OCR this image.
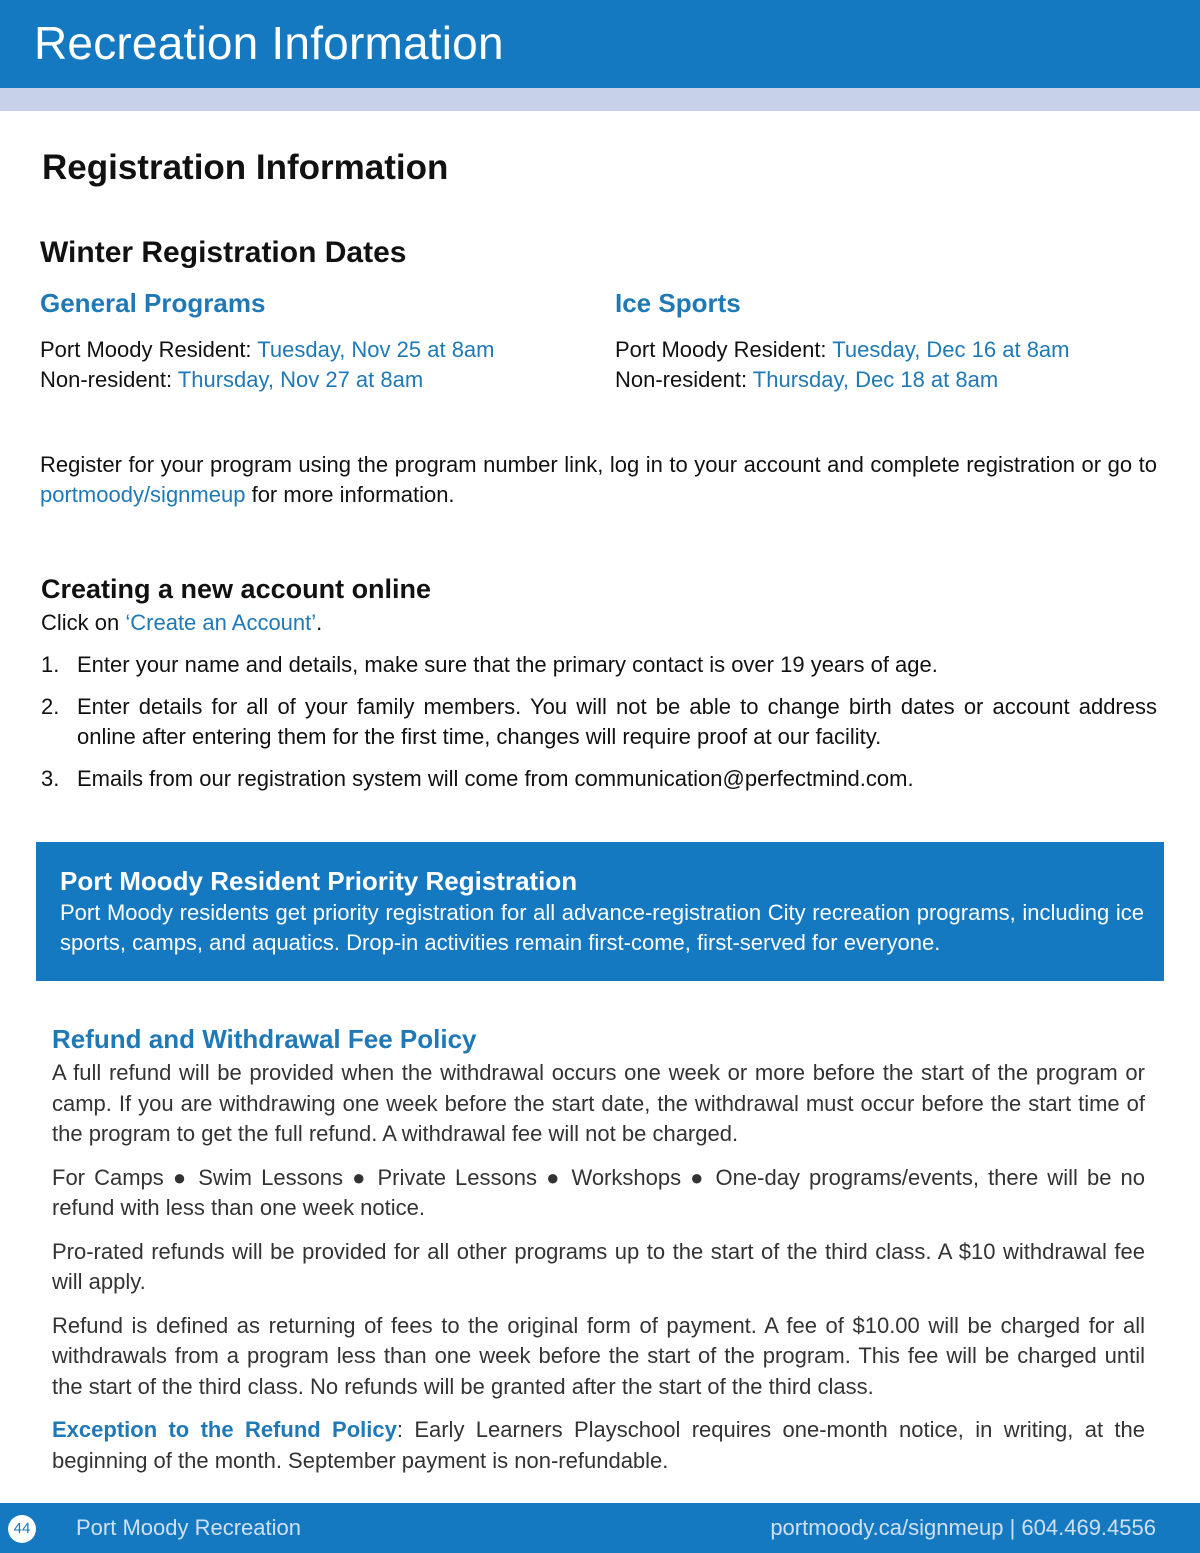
Recreation Information
Registration Information
Winter Registration Dates
General Programs
Port Moody Resident: Tuesday, Nov 25 at 8am
Non-resident: Thursday, Nov 27 at 8am
Ice Sports
Port Moody Resident: Tuesday, Dec 16 at 8am
Non-resident: Thursday, Dec 18 at 8am

Register for your program using the program number link, log in to your account and complete registration or go to portmoody/signmeup for more information.

Creating a new account online

Click on ‘Create an Account’.

1. Enter your name and details, make sure that the primary contact is over 19 years of age.
2. Enter details for all of your family members. You will not be able to change birth dates or account address online after entering them for the first time, changes will require proof at our facility.
3. Emails from our registration system will come from communication@perfectmind.com.
Port Moody Resident Priority Registration

Port Moody residents get priority registration for all advance-registration City recreation programs, including ice sports, camps, and aquatics. Drop-in activities remain first-come, first-served for everyone.

Refund and Withdrawal Fee Policy

A full refund will be provided when the withdrawal occurs one week or more before the start of the program or camp. If you are withdrawing one week before the start date, the withdrawal must occur before the start time of the program to get the full refund. A withdrawal fee will not be charged.

For Camps ● Swim Lessons ● Private Lessons ● Workshops ● One-day programs/events, there will be no refund with less than one week notice.

Pro-rated refunds will be provided for all other programs up to the start of the third class. A $10 withdrawal fee will apply.

Refund is defined as returning of fees to the original form of payment. A fee of $10.00 will be charged for all withdrawals from a program less than one week before the start of the program. This fee will be charged until the start of the third class. No refunds will be granted after the start of the third class.

Exception to the Refund Policy: Early Learners Playschool requires one-month notice, in writing, at the beginning of the month. September payment is non-refundable.

44 Port Moody Recreation	portmoody.ca/signmeup | 604.469.4556
